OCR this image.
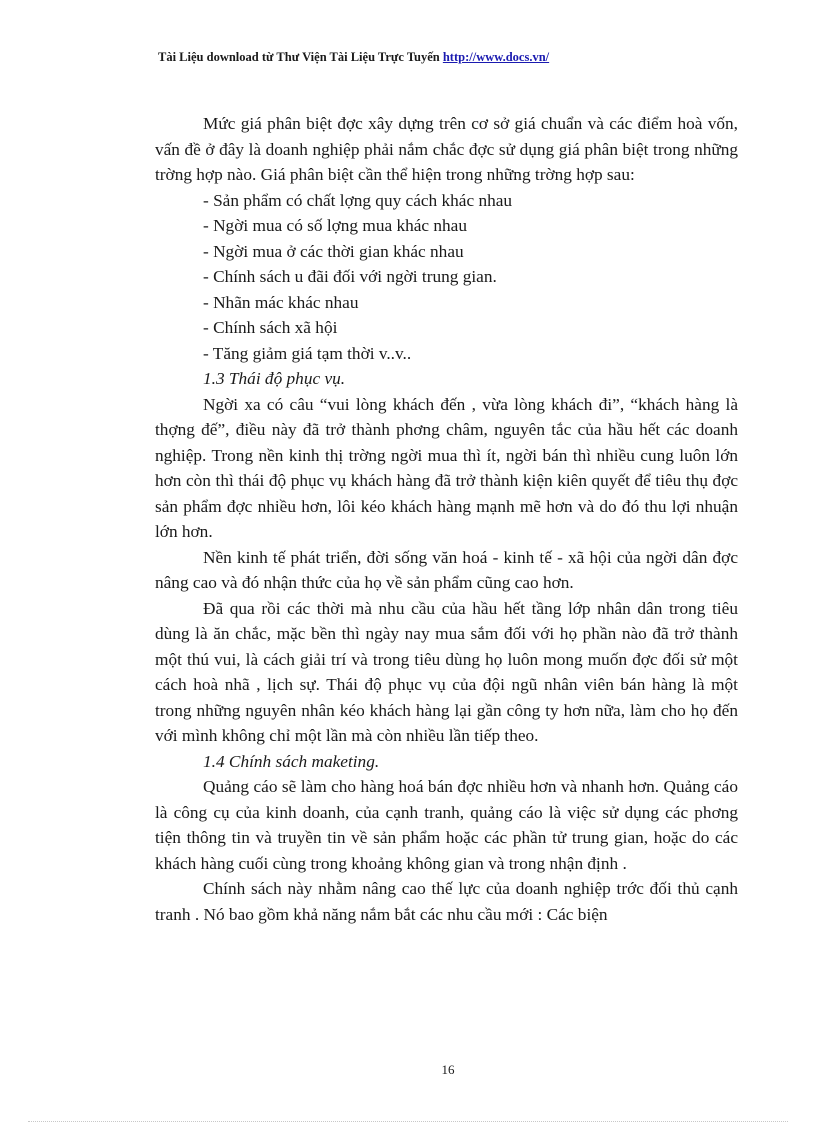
Tài Liệu download từ Thư Viện Tài Liệu Trực Tuyến http://www.docs.vn/

Mức giá phân biệt đợc xây dựng trên cơ sở giá chuẩn và các điểm hoà vốn, vấn đề ở đây là doanh nghiệp phải nắm chắc đợc sử dụng giá phân biệt trong những trờng hợp nào. Giá phân biệt cần thể hiện trong những trờng hợp sau:

- Sản phẩm có chất lợng quy cách khác nhau

- Ngời mua có số lợng mua khác nhau

- Ngời mua ở các thời gian khác nhau

- Chính sách u đãi đối với ngời trung gian.

- Nhãn mác khác nhau

- Chính sách xã hội

- Tăng giảm giá tạm thời v..v..

1.3 Thái độ phục vụ.

Ngời xa có câu “vui lòng khách đến , vừa lòng khách đi”, “khách hàng là thợng đế”, điều này đã trở thành phơng châm, nguyên tắc của hầu hết các doanh nghiệp. Trong nền kinh thị trờng ngời mua thì ít, ngời bán thì nhiều cung luôn lớn hơn còn thì thái độ phục vụ khách hàng đã trở thành kiện kiên quyết để tiêu thụ đợc sản phẩm đợc nhiều hơn, lôi kéo khách hàng mạnh mẽ hơn và do đó thu lợi nhuận lớn hơn.

Nền kinh tế phát triển, đời sống văn hoá - kinh tế - xã hội của ngời dân đợc nâng cao và đó nhận thức của họ về sản phẩm cũng cao hơn.

Đã qua rồi các thời mà nhu cầu của hầu hết tầng lớp nhân dân trong tiêu dùng là ăn chắc, mặc bền thì ngày nay mua sắm đối với họ phần nào đã trở thành một thú vui, là cách giải trí và trong tiêu dùng họ luôn mong muốn đợc đối sử một cách hoà nhã , lịch sự. Thái độ phục vụ của đội ngũ nhân viên bán hàng là một trong những nguyên nhân kéo khách hàng lại gần công ty hơn nữa, làm cho họ đến với mình không chỉ một lần mà còn nhiều lần tiếp theo.

1.4 Chính sách maketing.

Quảng cáo sẽ làm cho hàng hoá bán đợc nhiều hơn và nhanh hơn. Quảng cáo là công cụ của kinh doanh, của cạnh tranh, quảng cáo là việc sử dụng các phơng tiện thông tin và truyền tin về sản phẩm hoặc các phần tử trung gian, hoặc do các khách hàng cuối cùng trong khoảng không gian và trong nhận định .

Chính sách này nhằm nâng cao thế lực của doanh nghiệp trớc đối thủ cạnh tranh . Nó bao gồm khả năng nắm bắt các nhu cầu mới : Các biện

16
